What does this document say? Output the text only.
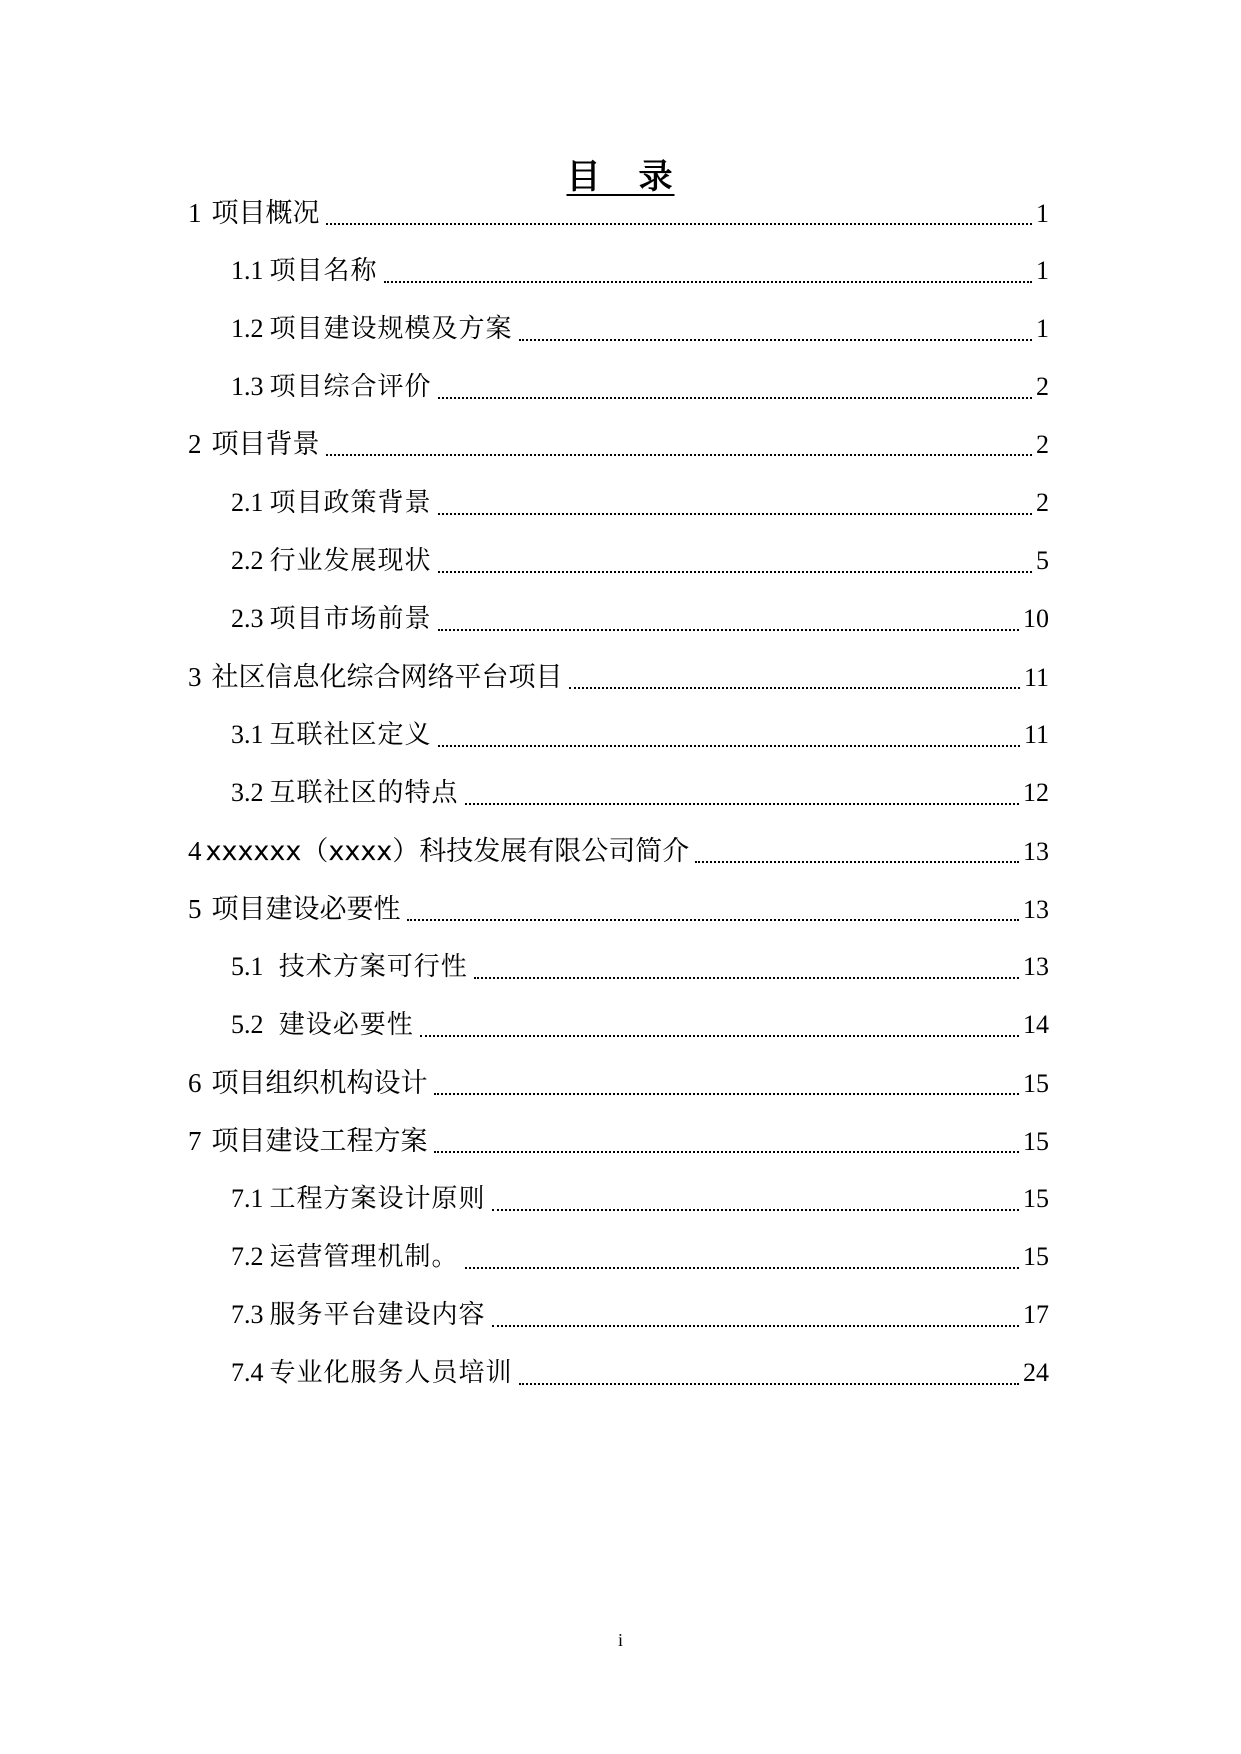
目　录
1 项目概况	1
1.1 项目名称	1
1.2 项目建设规模及方案	1
1.3 项目综合评价	2
2 项目背景	2
2.1 项目政策背景	2
2.2 行业发展现状	5
2.3 项目市场前景	10
3 社区信息化综合网络平台项目	11
3.1 互联社区定义	11
3.2 互联社区的特点	12
4 xxxxxx（xxxx）科技发展有限公司简介	13
5 项目建设必要性	13
5.1 技术方案可行性	13
5.2 建设必要性	14
6 项目组织机构设计	15
7 项目建设工程方案	15
7.1 工程方案设计原则	15
7.2 运营管理机制。	15
7.3 服务平台建设内容	17
7.4 专业化服务人员培训	24
i
